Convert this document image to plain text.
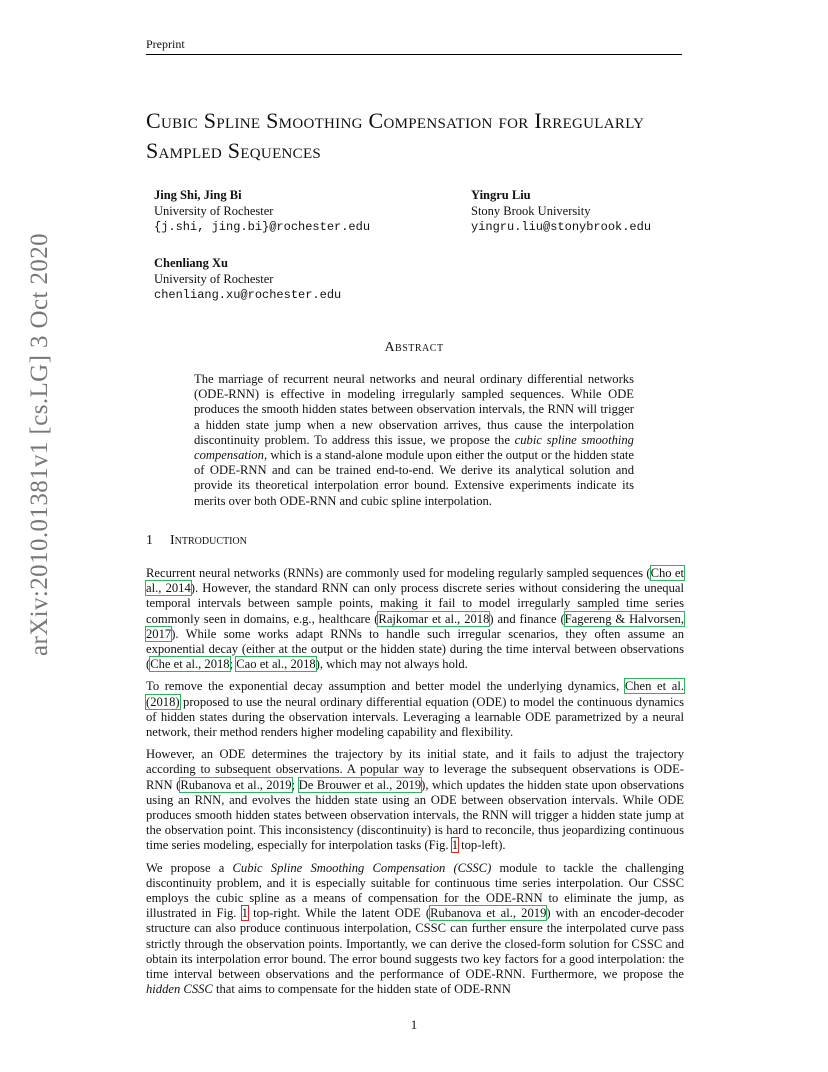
Preprint
Cubic Spline Smoothing Compensation for Irregularly Sampled Sequences
Jing Shi, Jing Bi
University of Rochester
{j.shi, jing.bi}@rochester.edu
Yingru Liu
Stony Brook University
yingru.liu@stonybrook.edu
Chenliang Xu
University of Rochester
chenliang.xu@rochester.edu
arXiv:2010.01381v1 [cs.LG] 3 Oct 2020	Abstract
The marriage of recurrent neural networks and neural ordinary differential networks (ODE-RNN) is effective in modeling irregularly sampled sequences. While ODE produces the smooth hidden states between observation intervals, the RNN will trigger a hidden state jump when a new observation arrives, thus cause the interpolation discontinuity problem. To address this issue, we propose the cubic spline smoothing compensation, which is a stand-alone module upon either the output or the hidden state of ODE-RNN and can be trained end-to-end. We derive its analytical solution and provide its theoretical interpolation error bound. Extensive experiments indicate its merits over both ODE-RNN and cubic spline interpolation.
1 Introduction

Recurrent neural networks (RNNs) are commonly used for modeling regularly sampled sequences (Cho et al., 2014). However, the standard RNN can only process discrete series without considering the unequal temporal intervals between sample points, making it fail to model irregularly sampled time series commonly seen in domains, e.g., healthcare (Rajkomar et al., 2018) and finance (Fagereng & Halvorsen, 2017). While some works adapt RNNs to handle such irregular scenarios, they often assume an exponential decay (either at the output or the hidden state) during the time interval between observations (Che et al., 2018; Cao et al., 2018), which may not always hold.

To remove the exponential decay assumption and better model the underlying dynamics, Chen et al. (2018) proposed to use the neural ordinary differential equation (ODE) to model the continuous dynamics of hidden states during the observation intervals. Leveraging a learnable ODE parametrized by a neural network, their method renders higher modeling capability and flexibility.

However, an ODE determines the trajectory by its initial state, and it fails to adjust the trajectory according to subsequent observations. A popular way to leverage the subsequent observations is ODE-RNN (Rubanova et al., 2019; De Brouwer et al., 2019), which updates the hidden state upon observations using an RNN, and evolves the hidden state using an ODE between observation intervals. While ODE produces smooth hidden states between observation intervals, the RNN will trigger a hidden state jump at the observation point. This inconsistency (discontinuity) is hard to reconcile, thus jeopardizing continuous time series modeling, especially for interpolation tasks (Fig. 1 top-left).

We propose a Cubic Spline Smoothing Compensation (CSSC) module to tackle the challenging discontinuity problem, and it is especially suitable for continuous time series interpolation. Our CSSC employs the cubic spline as a means of compensation for the ODE-RNN to eliminate the jump, as illustrated in Fig. 1 top-right. While the latent ODE (Rubanova et al., 2019) with an encoder-decoder structure can also produce continuous interpolation, CSSC can further ensure the interpolated curve pass strictly through the observation points. Importantly, we can derive the closed-form solution for CSSC and obtain its interpolation error bound. The error bound suggests two key factors for a good interpolation: the time interval between observations and the performance of ODE-RNN. Furthermore, we propose the hidden CSSC that aims to compensate for the hidden state of ODE-RNN

1
